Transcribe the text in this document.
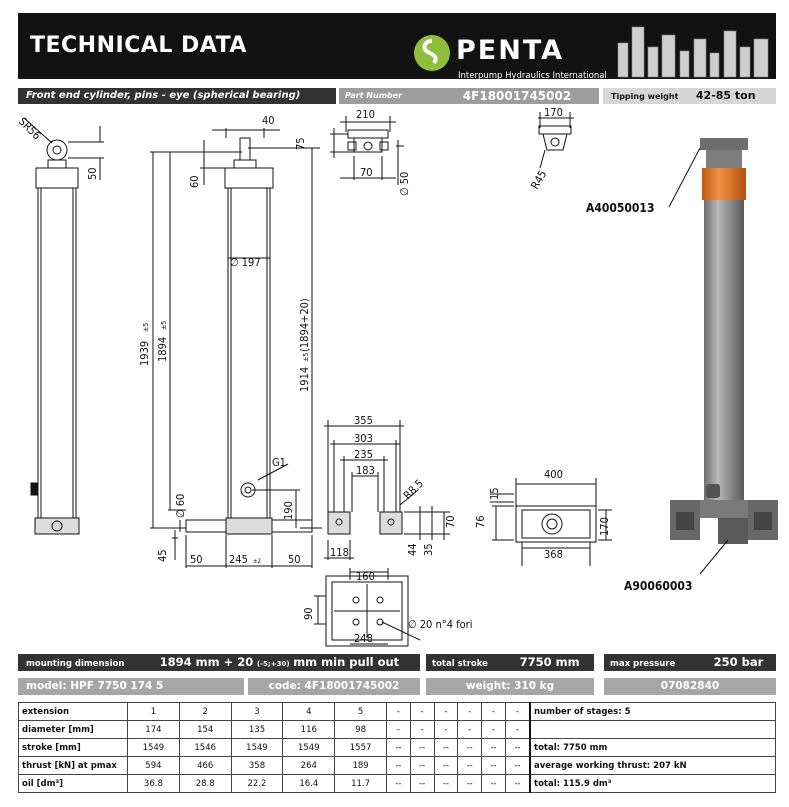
TECHNICAL DATA	PENTA
Interpump Hydraulics International
Front end cylinder, pins - eye (spherical bearing)	Part Number	4F18001745002	Tipping weight 42-85 ton
SR56	40
50
60
1939
±5
1894
±5
∅ 197
1914
±5
(1894+20)
G1
∅ 60	190
45 50 245 ±2 50
210
75
70 ∅ 50
170
R45
355
303
235
183
R8.5
70
44 35
118
400
15
76	170
368
160
90
248
∅ 20 n°4 fori
A40050013
A90060003
mounting dimension	1894 mm + 20 (-5;+30) mm min pull out	total stroke	7750 mm	max pressure	250 bar
model: HPF 7750 174 5	code: 4F18001745002	weight: 310 kg	07082840
extension	1	2	3	4	5	-	-	-	-	-	-	number of stages: 5
diameter [mm]	174	154	135	116	98	-	-	-	-	-	-	
stroke [mm]	1549	1546	1549	1549	1557	--	--	--	--	--	--	total: 7750 mm
thrust [kN] at pmax	594	466	358	264	189	--	--	--	--	--	--	average working thrust: 207 kN
oil [dm³]	36.8	28.8	22.2	16.4	11.7	--	--	--	--	--	--	total: 115.9 dm³
